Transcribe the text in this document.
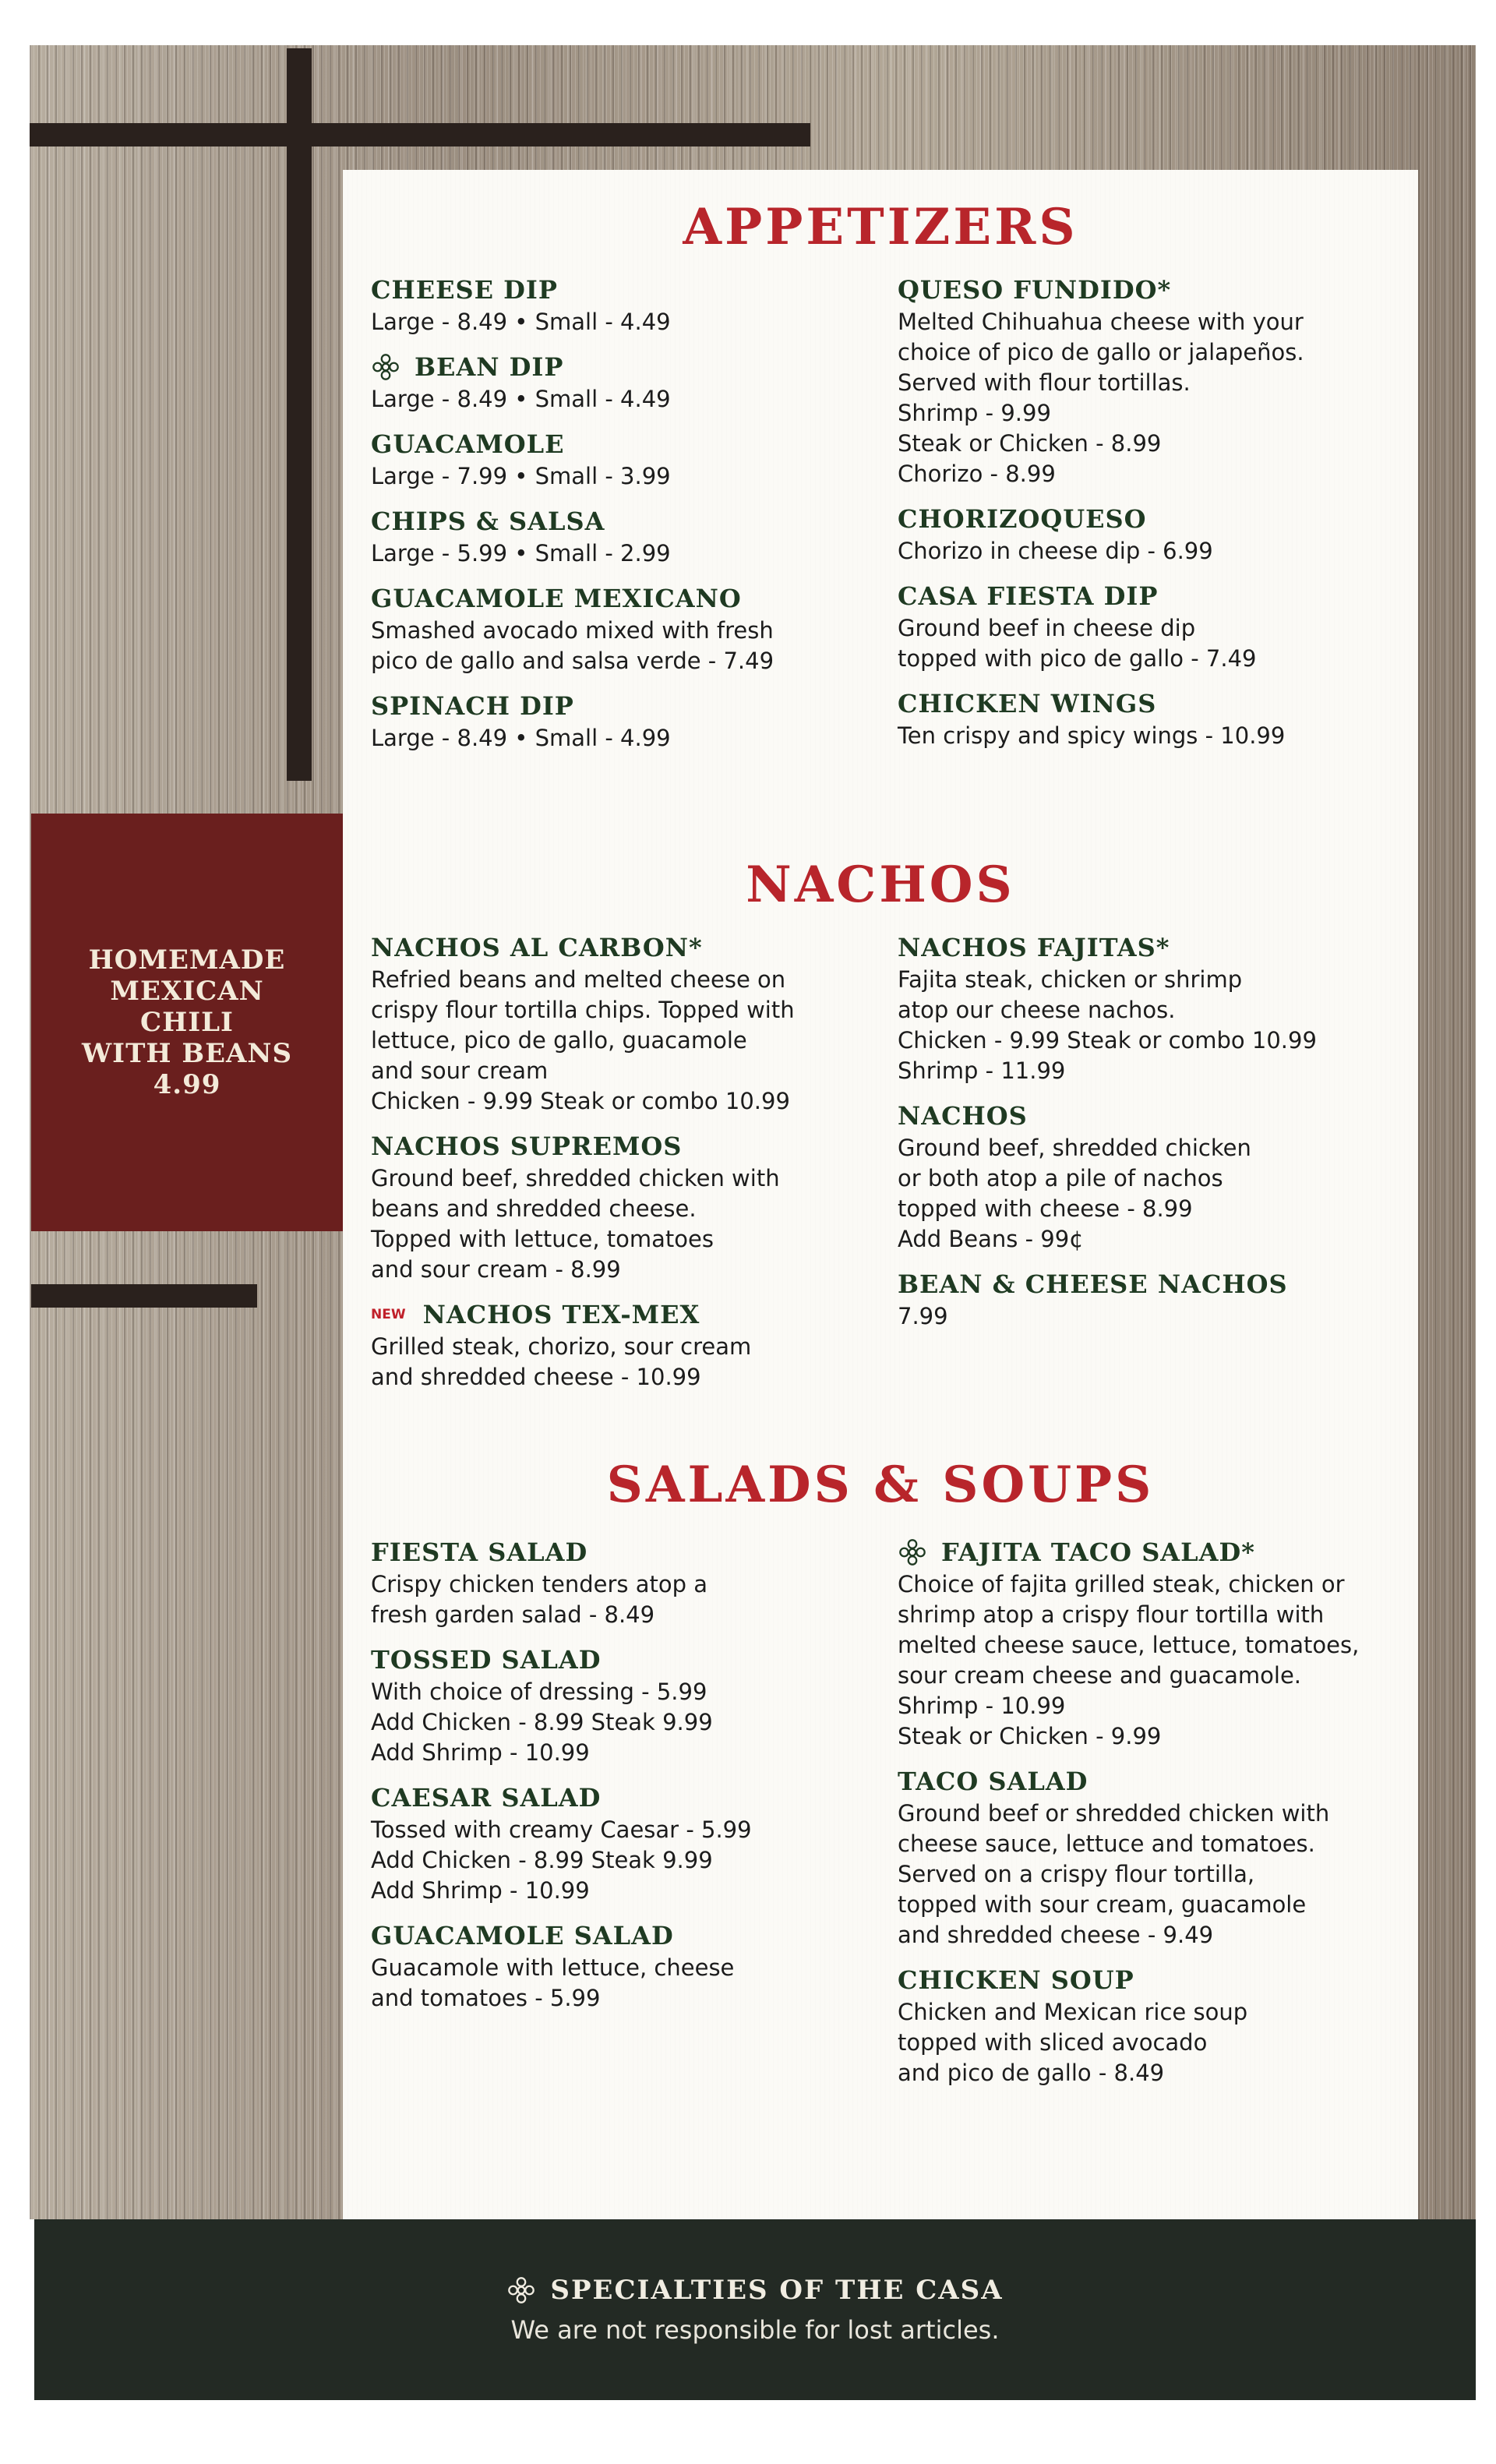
HOMEMADE
MEXICAN
CHILI
WITH BEANS
4.99
APPETIZERS
CHEESE DIP
Large - 8.49 • Small - 4.49
BEAN DIP
Large - 8.49 • Small - 4.49
GUACAMOLE
Large - 7.99 • Small - 3.99
CHIPS & SALSA
Large - 5.99 • Small - 2.99
GUACAMOLE MEXICANO
Smashed avocado mixed with fresh
pico de gallo and salsa verde - 7.49
SPINACH DIP
Large - 8.49 • Small - 4.99
QUESO FUNDIDO*
Melted Chihuahua cheese with your
choice of pico de gallo or jalapeños.
Served with flour tortillas.
Shrimp - 9.99
Steak or Chicken - 8.99
Chorizo - 8.99
CHORIZOQUESO
Chorizo in cheese dip - 6.99
CASA FIESTA DIP
Ground beef in cheese dip
topped with pico de gallo - 7.49
CHICKEN WINGS
Ten crispy and spicy wings - 10.99
NACHOS
NACHOS AL CARBON*
Refried beans and melted cheese on
crispy flour tortilla chips. Topped with
lettuce, pico de gallo, guacamole
and sour cream
Chicken - 9.99 Steak or combo 10.99
NACHOS SUPREMOS
Ground beef, shredded chicken with
beans and shredded cheese.
Topped with lettuce, tomatoes
and sour cream - 8.99
NEW NACHOS TEX-MEX
Grilled steak, chorizo, sour cream
and shredded cheese - 10.99
NACHOS FAJITAS*
Fajita steak, chicken or shrimp
atop our cheese nachos.
Chicken - 9.99 Steak or combo 10.99
Shrimp - 11.99
NACHOS
Ground beef, shredded chicken
or both atop a pile of nachos
topped with cheese - 8.99
Add Beans - 99¢
BEAN & CHEESE NACHOS
7.99
SALADS & SOUPS
FIESTA SALAD
Crispy chicken tenders atop a
fresh garden salad - 8.49
TOSSED SALAD
With choice of dressing - 5.99
Add Chicken - 8.99 Steak 9.99
Add Shrimp - 10.99
CAESAR SALAD
Tossed with creamy Caesar - 5.99
Add Chicken - 8.99 Steak 9.99
Add Shrimp - 10.99
GUACAMOLE SALAD
Guacamole with lettuce, cheese
and tomatoes - 5.99
FAJITA TACO SALAD*
Choice of fajita grilled steak, chicken or
shrimp atop a crispy flour tortilla with
melted cheese sauce, lettuce, tomatoes,
sour cream cheese and guacamole.
Shrimp - 10.99
Steak or Chicken - 9.99
TACO SALAD
Ground beef or shredded chicken with
cheese sauce, lettuce and tomatoes.
Served on a crispy flour tortilla,
topped with sour cream, guacamole
and shredded cheese - 9.49
CHICKEN SOUP
Chicken and Mexican rice soup
topped with sliced avocado
and pico de gallo - 8.49
SPECIALTIES OF THE CASA
We are not responsible for lost articles.
